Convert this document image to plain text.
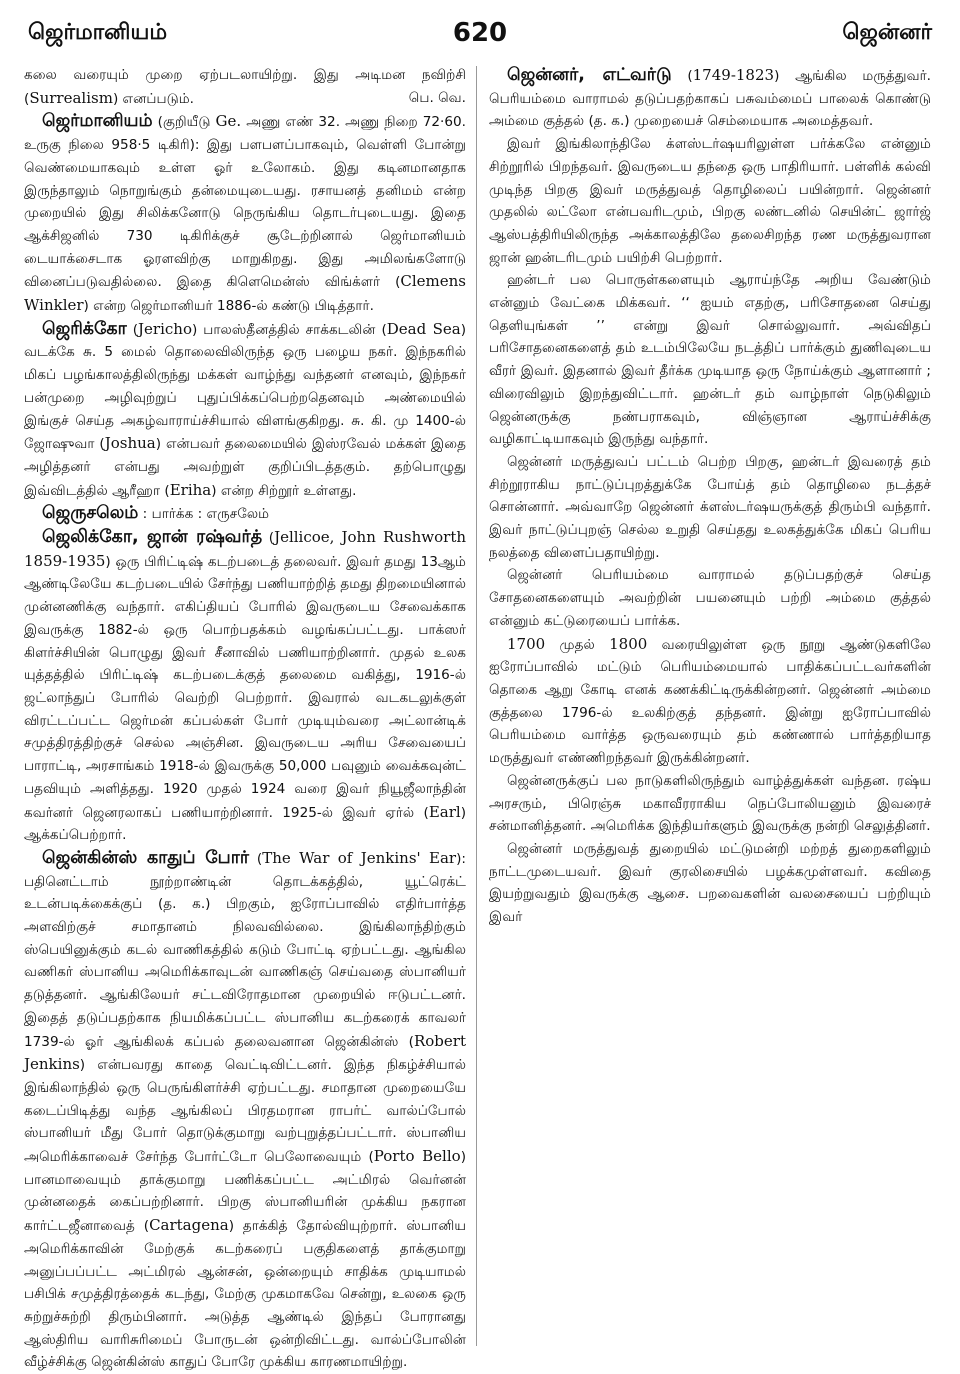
ஜெர்மானியம்	620	ஜென்னர்

கலை வரையும் முறை ஏற்படலாயிற்று. இது அடிமன நவிற்சி (Surrealism) எனப்படும்.	பெ. வெ.

ஜெர்மானியம் (குறியீடு Ge. அணு எண் 32. அணு நிறை 72·60. உருகு நிலை 958·5 டிகிரி): இது பளபளப்பாகவும், வெள்ளி போன்று வெண்மையாகவும் உள்ள ஓர் உலோகம். இது கடினமானதாக இருந்தாலும் நொறுங்கும் தன்மையுடையது. ரசாயனத் தனிமம் என்ற முறையில் இது சிலிக்கனோடு நெருங்கிய தொடர்புடையது. இதை ஆக்சிஜனில் 730 டிகிரிக்குச் சூடேற்றினால் ஜெர்மானியம் டையாக்சைடாக ஓரளவிற்கு மாறுகிறது. இது அமிலங்களோடு வினைப்படுவதில்லை. இதை கிளெமென்ஸ் விங்க்ளர் (Clemens Winkler) என்ற ஜெர்மானியர் 1886-ல் கண்டு பிடித்தார்.

ஜெரிக்கோ (Jericho) பாலஸ்தீனத்தில் சாக்கடலின் (Dead Sea) வடக்கே சு. 5 மைல் தொலைவிலிருந்த ஒரு பழைய நகர். இந்நகரில் மிகப் பழங்காலத்திலிருந்து மக்கள் வாழ்ந்து வந்தனர் எனவும், இந்நகர் பன்முறை அழிவுற்றுப் புதுப்பிக்கப்பெற்றதெனவும் அண்மையில் இங்குச் செய்த அகழ்வாராய்ச்சியால் விளங்குகிறது. சு. கி. மு 1400-ல் ஜோஷுவா (Joshua) என்பவர் தலைமையில் இஸ்ரவேல் மக்கள் இதை அழித்தனர் என்பது அவற்றுள் குறிப்பிடத்தகும். தற்பொழுது இவ்விடத்தில் ஆரீஹா (Eriha) என்ற சிற்றூர் உள்ளது.

ஜெருசலெம் : பார்க்க : எருசலேம்

ஜெலிக்கோ, ஜான் ரஷ்வர்த் (Jellicoe, John Rushworth 1859-1935) ஒரு பிரிட்டிஷ் கடற்படைத் தலைவர். இவர் தமது 13ஆம் ஆண்டிலேயே கடற்படையில் சேர்ந்து பணியாற்றித் தமது திறமையினால் முன்னணிக்கு வந்தார். எகிப்தியப் போரில் இவருடைய சேவைக்காக இவருக்கு 1882-ல் ஒரு பொற்பதக்கம் வழங்கப்பட்டது. பாக்ஸர் கிளர்ச்சியின் பொழுது இவர் சீனாவில் பணியாற்றினார். முதல் உலக யுத்தத்தில் பிரிட்டிஷ் கடற்படைக்குத் தலைமை வகித்து, 1916-ல் ஜட்லாந்துப் போரில் வெற்றி பெற்றார். இவரால் வடகடலுக்குள் விரட்டப்பட்ட ஜெர்மன் கப்பல்கள் போர் முடியும்வரை அட்லான்டிக் சமுத்திரத்திற்குச் செல்ல அஞ்சின. இவருடைய அரிய சேவையைப் பாராட்டி, அரசாங்கம் 1918-ல் இவருக்கு 50,000 பவுனும் வைக்கவுன்ட் பதவியும் அளித்தது. 1920 முதல் 1924 வரை இவர் நியூஜீலாந்தின் கவர்னர் ஜெனரலாகப் பணியாற்றினார். 1925-ல் இவர் ஏர்ல் (Earl) ஆக்கப்பெற்றார்.

ஜென்கின்ஸ் காதுப் போர் (The War of Jenkins' Ear): பதினெட்டாம் நூற்றாண்டின் தொடக்கத்தில், யூட்ரெக்ட் உடன்படிக்கைக்குப் (த. க.) பிறகும், ஐரோப்பாவில் எதிர்பார்த்த அளவிற்குச் சமாதானம் நிலவவில்லை. இங்கிலாந்திற்கும் ஸ்பெயினுக்கும் கடல் வாணிகத்தில் கடும் போட்டி ஏற்பட்டது. ஆங்கில வணிகர் ஸ்பானிய அமெரிக்காவுடன் வாணிகஞ் செய்வதை ஸ்பானியர் தடுத்தனர். ஆங்கிலேயர் சட்டவிரோதமான முறையில் ஈடுபட்டனர். இதைத் தடுப்பதற்காக நியமிக்கப்பட்ட ஸ்பானிய கடற்கரைக் காவலர் 1739-ல் ஓர் ஆங்கிலக் கப்பல் தலைவனான ஜென்கின்ஸ் (Robert Jenkins) என்பவரது காதை வெட்டிவிட்டனர். இந்த நிகழ்ச்சியால் இங்கிலாந்தில் ஒரு பெருங்கிளர்ச்சி ஏற்பட்டது. சமாதான முறையையே கடைப்பிடித்து வந்த ஆங்கிலப் பிரதமரான ராபர்ட் வால்ப்போல் ஸ்பானியர் மீது போர் தொடுக்குமாறு வற்புறுத்தப்பட்டார். ஸ்பானிய அமெரிக்காவைச் சேர்ந்த போர்ட்டோ பெலோவையும் (Porto Bello) பானமாவையும் தாக்குமாறு பணிக்கப்பட்ட அட்மிரல் வெர்னன் முன்னதைக் கைப்பற்றினார். பிறகு ஸ்பானியரின் முக்கிய நகரான கார்ட்டஜீனாவைத் (Cartagena) தாக்கித் தோல்வியுற்றார். ஸ்பானிய அமெரிக்காவின் மேற்குக் கடற்கரைப் பகுதிகளைத் தாக்குமாறு அனுப்பப்பட்ட அட்மிரல் ஆன்சன், ஒன்றையும் சாதிக்க முடியாமல் பசிபிக் சமுத்திரத்தைக் கடந்து, மேற்கு முகமாகவே சென்று, உலகை ஒரு சுற்றுச்சுற்றி திரும்பினார். அடுத்த ஆண்டில் இந்தப் போரானது ஆஸ்திரிய வாரிசுரிமைப் போருடன் ஒன்றிவிட்டது. வால்ப்போலின் வீழ்ச்சிக்கு ஜென்கின்ஸ் காதுப் போரே முக்கிய காரணமாயிற்று.

ஜென்னர், எட்வர்டு (1749-1823) ஆங்கில மருத்துவர். பெரியம்மை வாராமல் தடுப்பதற்காகப் பசுவம்மைப் பாலைக் கொண்டு அம்மை குத்தல் (த. க.) முறையைச் செம்மையாக அமைத்தவர்.

இவர் இங்கிலாந்திலே க்ளஸ்டர்ஷயரிலுள்ள பர்க்கலே என்னும் சிற்றூரில் பிறந்தவர். இவருடைய தந்தை ஒரு பாதிரியார். பள்ளிக் கல்வி முடிந்த பிறகு இவர் மருத்துவத் தொழிலைப் பயின்றார். ஜென்னர் முதலில் லட்லோ என்பவரிடமும், பிறகு லண்டனில் செயின்ட் ஜார்ஜ் ஆஸ்பத்திரியிலிருந்த அக்காலத்திலே தலைசிறந்த ரண மருத்துவரான ஜான் ஹன்டரிடமும் பயிற்சி பெற்றார்.

ஹன்டர் பல பொருள்களையும் ஆராய்ந்தே அறிய வேண்டும் என்னும் வேட்கை மிக்கவர். ‘‘ ஐயம் எதற்கு, பரிசோதனை செய்து தெளியுங்கள் ’’ என்று இவர் சொல்லுவார். அவ்விதப் பரிசோதனைகளைத் தம் உடம்பிலேயே நடத்திப் பார்க்கும் துணிவுடைய வீரர் இவர். இதனால் இவர் தீர்க்க முடியாத ஒரு நோய்க்கும் ஆளானார் ; விரைவிலும் இறந்துவிட்டார். ஹன்டர் தம் வாழ்நாள் நெடுகிலும் ஜென்னருக்கு நண்பராகவும், விஞ்ஞான ஆராய்ச்சிக்கு வழிகாட்டியாகவும் இருந்து வந்தார்.

ஜென்னர் மருத்துவப் பட்டம் பெற்ற பிறகு, ஹன்டர் இவரைத் தம் சிற்றூராகிய நாட்டுப்புறத்துக்கே போய்த் தம் தொழிலை நடத்தச் சொன்னார். அவ்வாறே ஜென்னர் க்ளஸ்டர்ஷயருக்குத் திரும்பி வந்தார். இவர் நாட்டுப்புறஞ் செல்ல உறுதி செய்தது உலகத்துக்கே மிகப் பெரிய நலத்தை விளைப்பதாயிற்று.

ஜென்னர் பெரியம்மை வாராமல் தடுப்பதற்குச் செய்த சோதனைகளையும் அவற்றின் பயனையும் பற்றி அம்மை குத்தல் என்னும் கட்டுரையைப் பார்க்க.

1700 முதல் 1800 வரையிலுள்ள ஒரு நூறு ஆண்டுகளிலே ஐரோப்பாவில் மட்டும் பெரியம்மையால் பாதிக்கப்பட்டவர்களின் தொகை ஆறு கோடி எனக் கணக்கிட்டிருக்கின்றனர். ஜென்னர் அம்மை குத்தலை 1796-ல் உலகிற்குத் தந்தனர். இன்று ஐரோப்பாவில் பெரியம்மை வார்த்த ஒருவரையும் தம் கண்ணால் பார்த்தறியாத மருத்துவர் எண்ணிறந்தவர் இருக்கின்றனர்.

ஜென்னருக்குப் பல நாடுகளிலிருந்தும் வாழ்த்துக்கள் வந்தன. ரஷ்ய அரசரும், பிரெஞ்சு மகாவீரராகிய நெப்போலியனும் இவரைச் சன்மானித்தனர். அமெரிக்க இந்தியர்களும் இவருக்கு நன்றி செலுத்தினர்.

ஜென்னர் மருத்துவத் துறையில் மட்டுமன்றி மற்றத் துறைகளிலும் நாட்டமுடையவர். இவர் குரலிசையில் பழக்கமுள்ளவர். கவிதை இயற்றுவதும் இவருக்கு ஆசை. பறவைகளின் வலசையைப் பற்றியும் இவர்
